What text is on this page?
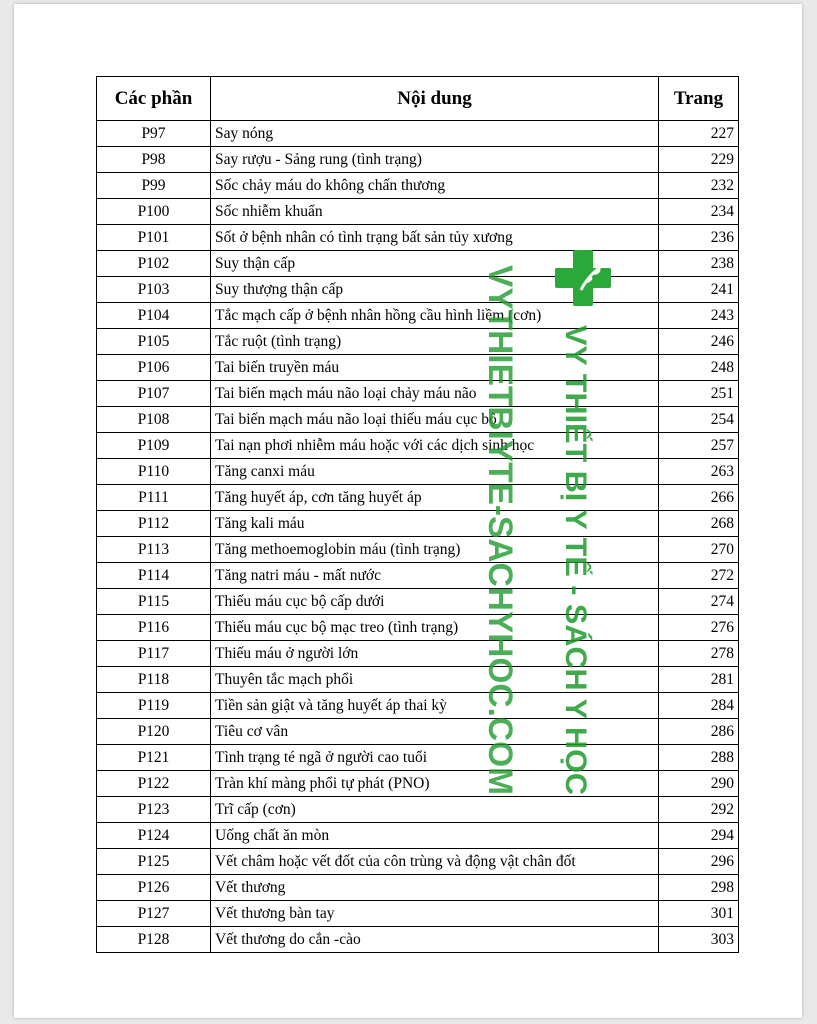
Các phần	Nội dung	Trang
P97	Say nóng	227
P98	Say rượu - Sảng rung (tình trạng)	229
P99	Sốc chảy máu do không chấn thương	232
P100	Sốc nhiễm khuẩn	234
P101	Sốt ở bệnh nhân có tình trạng bất sản tủy xương	236
P102	Suy thận cấp	238
P103	Suy thượng thận cấp	241
P104	Tắc mạch cấp ở bệnh nhân hồng cầu hình liềm (cơn)	243
P105	Tắc ruột (tình trạng)	246
P106	Tai biến truyền máu	248
P107	Tai biến mạch máu não loại chảy máu não	251
P108	Tai biến mạch máu não loại thiếu máu cục bộ	254
P109	Tai nạn phơi nhiễm máu hoặc với các dịch sinh học	257
P110	Tăng canxi máu	263
P111	Tăng huyết áp, cơn tăng huyết áp	266
P112	Tăng kali máu	268
P113	Tăng methoemoglobin máu (tình trạng)	270
P114	Tăng natri máu - mất nước	272
P115	Thiếu máu cục bộ cấp dưới	274
P116	Thiếu máu cục bộ mạc treo (tình trạng)	276
P117	Thiếu máu ở người lớn	278
P118	Thuyên tắc mạch phổi	281
P119	Tiền sản giật và tăng huyết áp thai kỳ	284
P120	Tiêu cơ vân	286
P121	Tình trạng té ngã ở người cao tuổi	288
P122	Tràn khí màng phổi tự phát (PNO)	290
P123	Trĩ cấp (cơn)	292
P124	Uống chất ăn mòn	294
P125	Vết châm hoặc vết đốt của côn trùng và động vật chân đốt	296
P126	Vết thương	298
P127	Vết thương bàn tay	301
P128	Vết thương do cắn -cào	303
VYTHIETBIYTE-SACHYHOC.COM VY THIẾT BỊ Y TẾ - SÁCH Y HỌC
